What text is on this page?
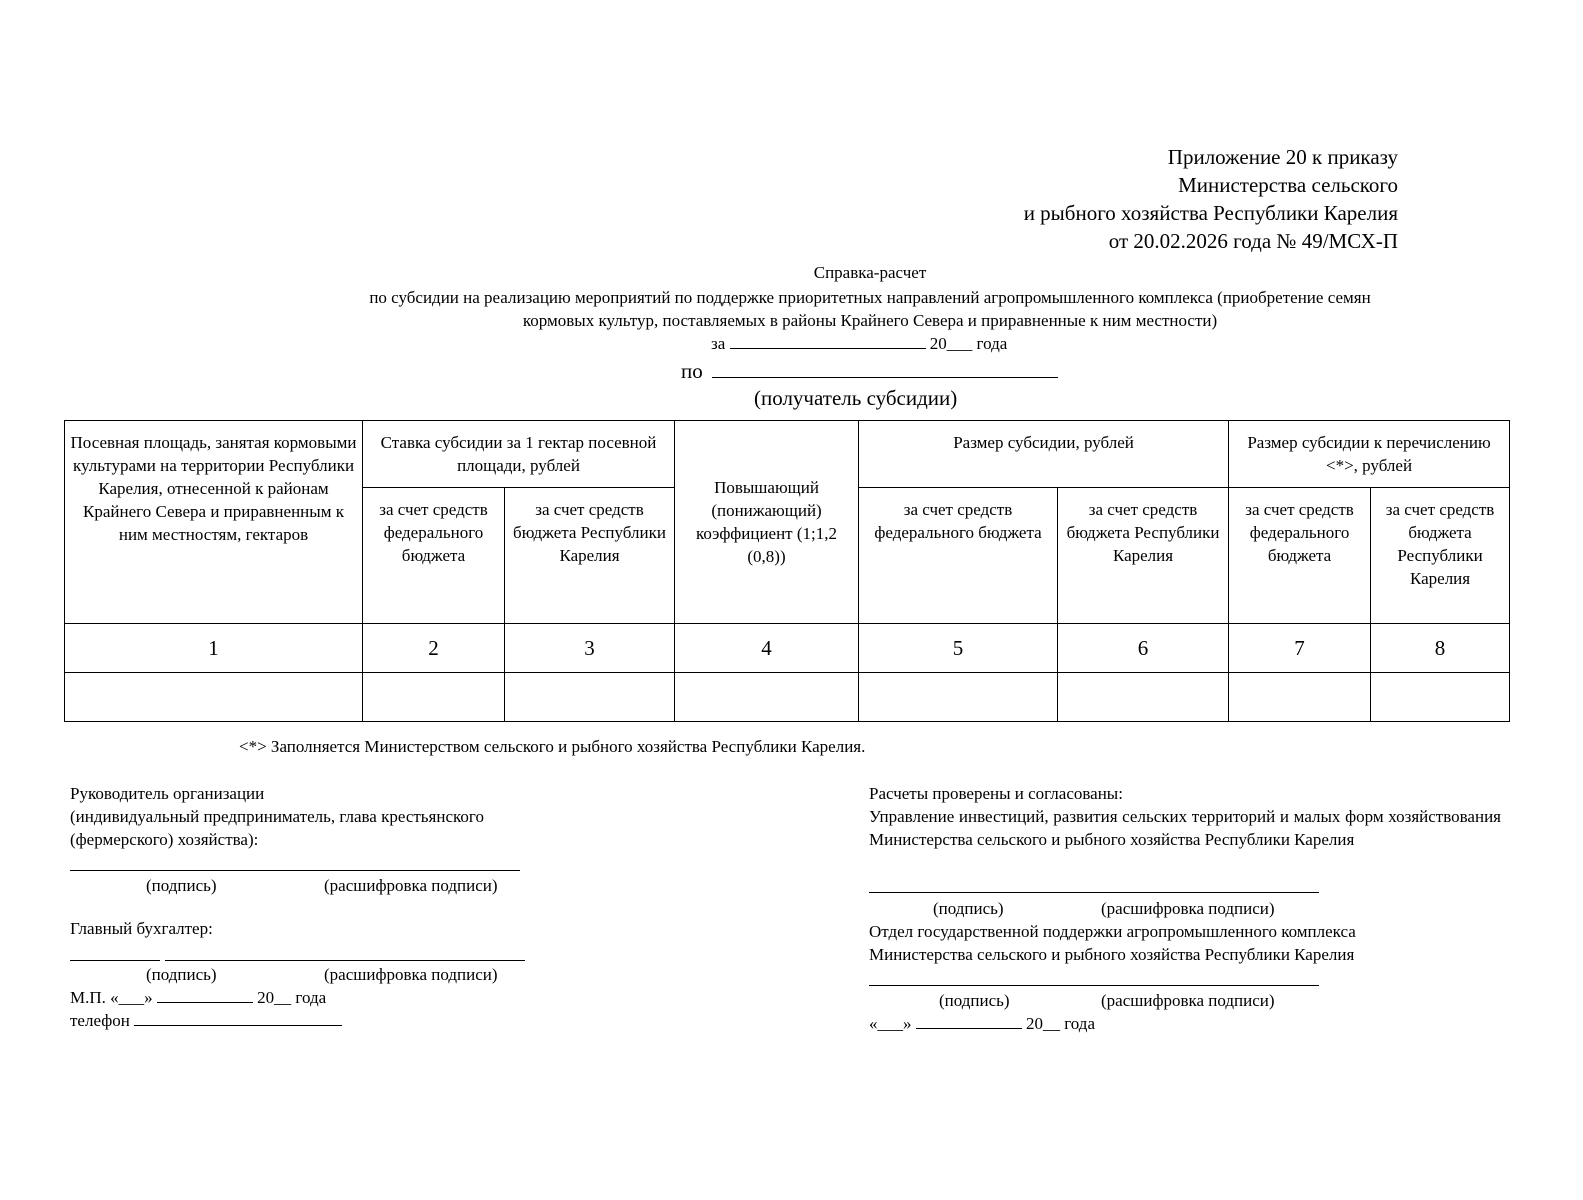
Приложение 20 к приказу
Министерства сельского
и рыбного хозяйства Республики Карелия
от 20.02.2026 года № 49/МСХ-П
Справка-расчет
по субсидии на реализацию мероприятий по поддержке приоритетных направлений агропромышленного комплекса (приобретение семян
кормовых культур, поставляемых в районы Крайнего Севера и приравненные к ним местности)
за	20___ года
по
(получатель субсидии)
Посевная площадь, занятая кормовыми культурами на территории Республики Карелия, отнесенной к районам Крайнего Севера и приравненным к ним местностям, гектаров	Ставка субсидии за 1 гектар посевной площади, рублей		Повышающий (понижающий) коэффициент (1;1,2 (0,8))	Размер субсидии, рублей		Размер субсидии к перечислению <*>, рублей	
	за счет средств федерального бюджета	за счет средств бюджета Республики Карелия		за счет средств федерального бюджета	за счет средств бюджета Республики Карелия	за счет средств федерального бюджета	за счет средств бюджета Республики Карелия
1	2	3	4	5	6	7	8

<*> Заполняется Министерством сельского и рыбного хозяйства Республики Карелия.
Руководитель организации
(индивидуальный предприниматель, глава крестьянского
(фермерского) хозяйства):
(подпись)	(расшифровка подписи)
Главный бухгалтер:
(подпись)	(расшифровка подписи)
М.П. «___»	20__ года
телефон
Расчеты проверены и согласованы:
Управление инвестиций, развития сельских территорий и малых форм хозяйствования Министерства сельского и рыбного хозяйства Республики Карелия
(подпись)	(расшифровка подписи)
Отдел государственной поддержки агропромышленного комплекса
Министерства сельского и рыбного хозяйства Республики Карелия
(подпись)	(расшифровка подписи)
«___»	20__ года
